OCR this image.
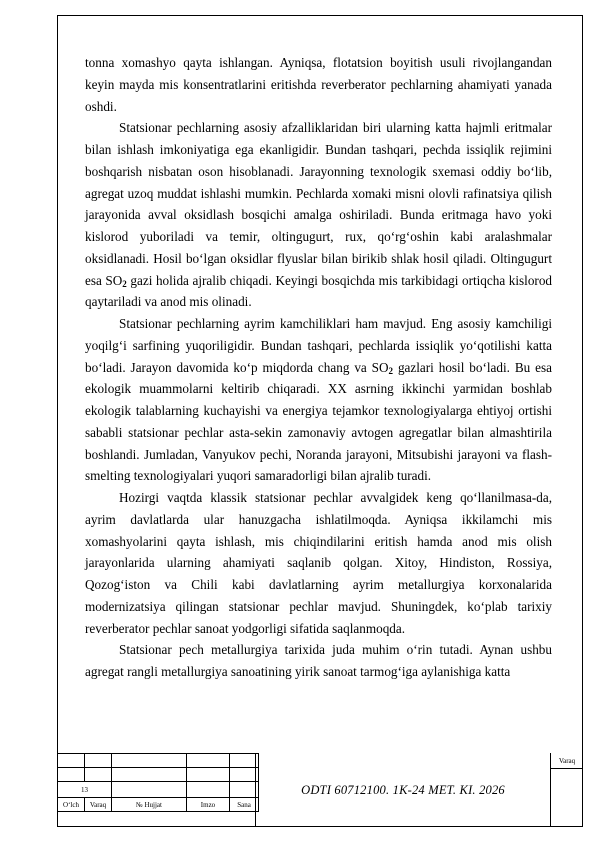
tonna xomashyo qayta ishlangan. Ayniqsa, flotatsion boyitish usuli rivojlangandan keyin mayda mis konsentratlarini eritishda reverberator pechlarning ahamiyati yanada oshdi.

Statsionar pechlarning asosiy afzalliklaridan biri ularning katta hajmli eritmalar bilan ishlash imkoniyatiga ega ekanligidir. Bundan tashqari, pechda issiqlik rejimini boshqarish nisbatan oson hisoblanadi. Jarayonning texnologik sxemasi oddiy bo‘lib, agregat uzoq muddat ishlashi mumkin. Pechlarda xomaki misni olovli rafinatsiya qilish jarayonida avval oksidlash bosqichi amalga oshiriladi. Bunda eritmaga havo yoki kislorod yuboriladi va temir, oltingugurt, rux, qo‘rg‘oshin kabi aralashmalar oksidlanadi. Hosil bo‘lgan oksidlar flyuslar bilan birikib shlak hosil qiladi. Oltingugurt esa $SO_2$ gazi holida ajralib chiqadi. Keyingi bosqichda mis tarkibidagi ortiqcha kislorod qaytariladi va anod mis olinadi.

Statsionar pechlarning ayrim kamchiliklari ham mavjud. Eng asosiy kamchiligi yoqilg‘i sarfining yuqoriligidir. Bundan tashqari, pechlarda issiqlik yo‘qotilishi katta bo‘ladi. Jarayon davomida ko‘p miqdorda chang va $SO_2$ gazlari hosil bo‘ladi. Bu esa ekologik muammolarni keltirib chiqaradi. XX asrning ikkinchi yarmidan boshlab ekologik talablarning kuchayishi va energiya tejamkor texnologiyalarga ehtiyoj ortishi sababli statsionar pechlar asta-sekin zamonaviy avtogen agregatlar bilan almashtirila boshlandi. Jumladan, Vanyukov pechi, Noranda jarayoni, Mitsubishi jarayoni va flash-smelting texnologiyalari yuqori samaradorligi bilan ajralib turadi.

Hozirgi vaqtda klassik statsionar pechlar avvalgidek keng qo‘llanilmasa-da, ayrim davlatlarda ular hanuzgacha ishlatilmoqda. Ayniqsa ikkilamchi mis xomashyolarini qayta ishlash, mis chiqindilarini eritish hamda anod mis olish jarayonlarida ularning ahamiyati saqlanib qolgan. Xitoy, Hindiston, Rossiya, Qozog‘iston va Chili kabi davlatlarning ayrim metallurgiya korxonalarida modernizatsiya qilingan statsionar pechlar mavjud. Shuningdek, ko‘plab tarixiy reverberator pechlar sanoat yodgorligi sifatida saqlanmoqda.

Statsionar pech metallurgiya tarixida juda muhim o‘rin tutadi. Aynan ushbu agregat rangli metallurgiya sanoatining yirik sanoat tarmog‘iga aylanishiga katta

13				
O‘lch	Varaq	№ Hujjat	Imzo	Sana
ODTI 60712100. 1K-24 MET. KI. 2026
Varaq
